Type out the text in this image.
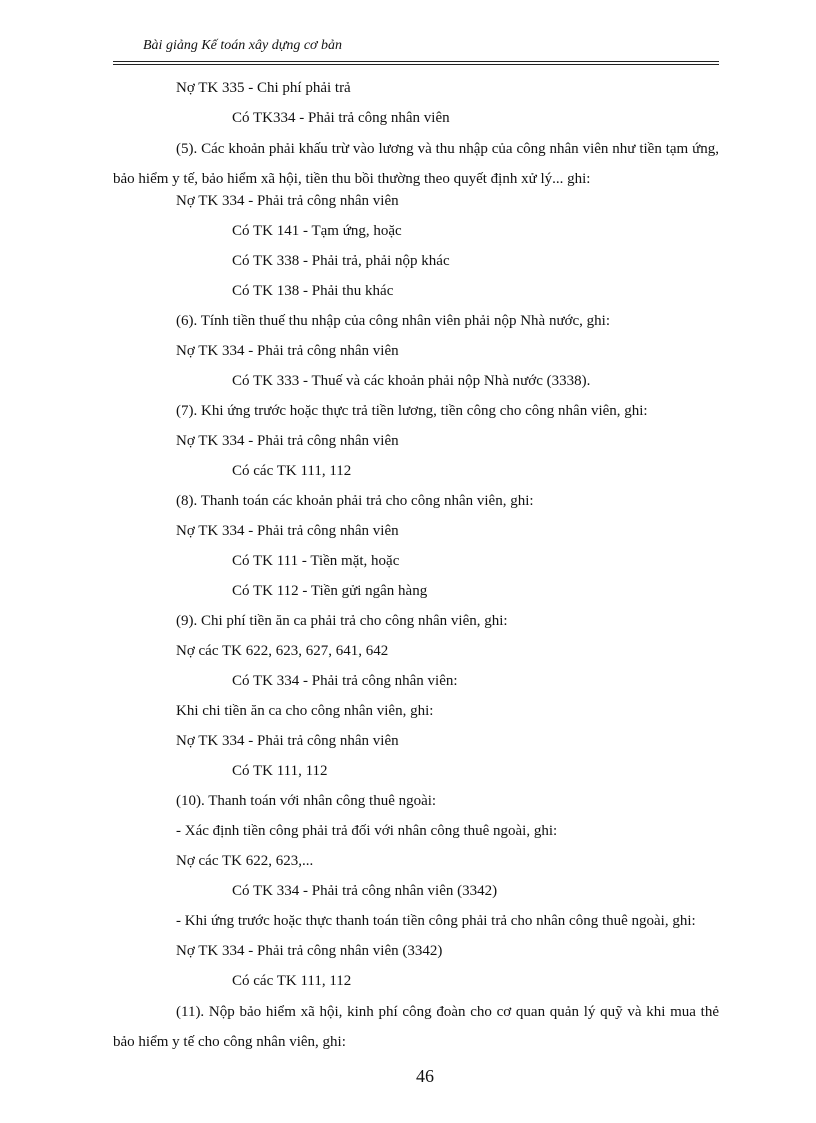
Bài giảng Kế toán xây dựng cơ bản
Nợ TK 335 - Chi phí phải trả
Có TK334 - Phải trả công nhân viên
(5). Các khoản phải khấu trừ vào lương và thu nhập của công nhân viên như tiền tạm ứng, bảo hiểm y tế, bảo hiểm xã hội, tiền thu bồi thường theo quyết định xử lý... ghi:
Nợ TK 334 - Phải trả công nhân viên
Có TK 141 - Tạm ứng, hoặc
Có TK 338 - Phải trả, phải nộp khác
Có TK 138 - Phải thu khác
(6). Tính tiền thuế thu nhập của công nhân viên phải nộp Nhà nước, ghi:
Nợ TK 334 - Phải trả công nhân viên
Có TK 333 - Thuế và các khoản phải nộp Nhà nước (3338).
(7). Khi ứng trước hoặc thực trả tiền lương, tiền công cho công nhân viên, ghi:
Nợ TK 334 - Phải trả công nhân viên
Có các TK 111, 112
(8). Thanh toán các khoản phải trả cho công nhân viên, ghi:
Nợ TK 334 - Phải trả công nhân viên
Có TK 111 - Tiền mặt, hoặc
Có TK 112 - Tiền gửi ngân hàng
(9). Chi phí tiền ăn ca phải trả cho công nhân viên, ghi:
Nợ các TK 622, 623, 627, 641, 642
Có TK 334 - Phải trả công nhân viên:
Khi chi tiền ăn ca cho công nhân viên, ghi:
Nợ TK 334 - Phải trả công nhân viên
Có TK 111, 112
(10). Thanh toán với nhân công thuê ngoài:
- Xác định tiền công phải trả đối với nhân công thuê ngoài, ghi:
Nợ các TK 622, 623,...
Có TK 334 - Phải trả công nhân viên (3342)
- Khi ứng trước hoặc thực thanh toán tiền công phải trả cho nhân công thuê ngoài, ghi:
Nợ TK 334 - Phải trả công nhân viên (3342)
Có các TK 111, 112
(11). Nộp bảo hiểm xã hội, kinh phí công đoàn cho cơ quan quản lý quỹ và khi mua thẻ bảo hiểm y tế cho công nhân viên, ghi:
46
